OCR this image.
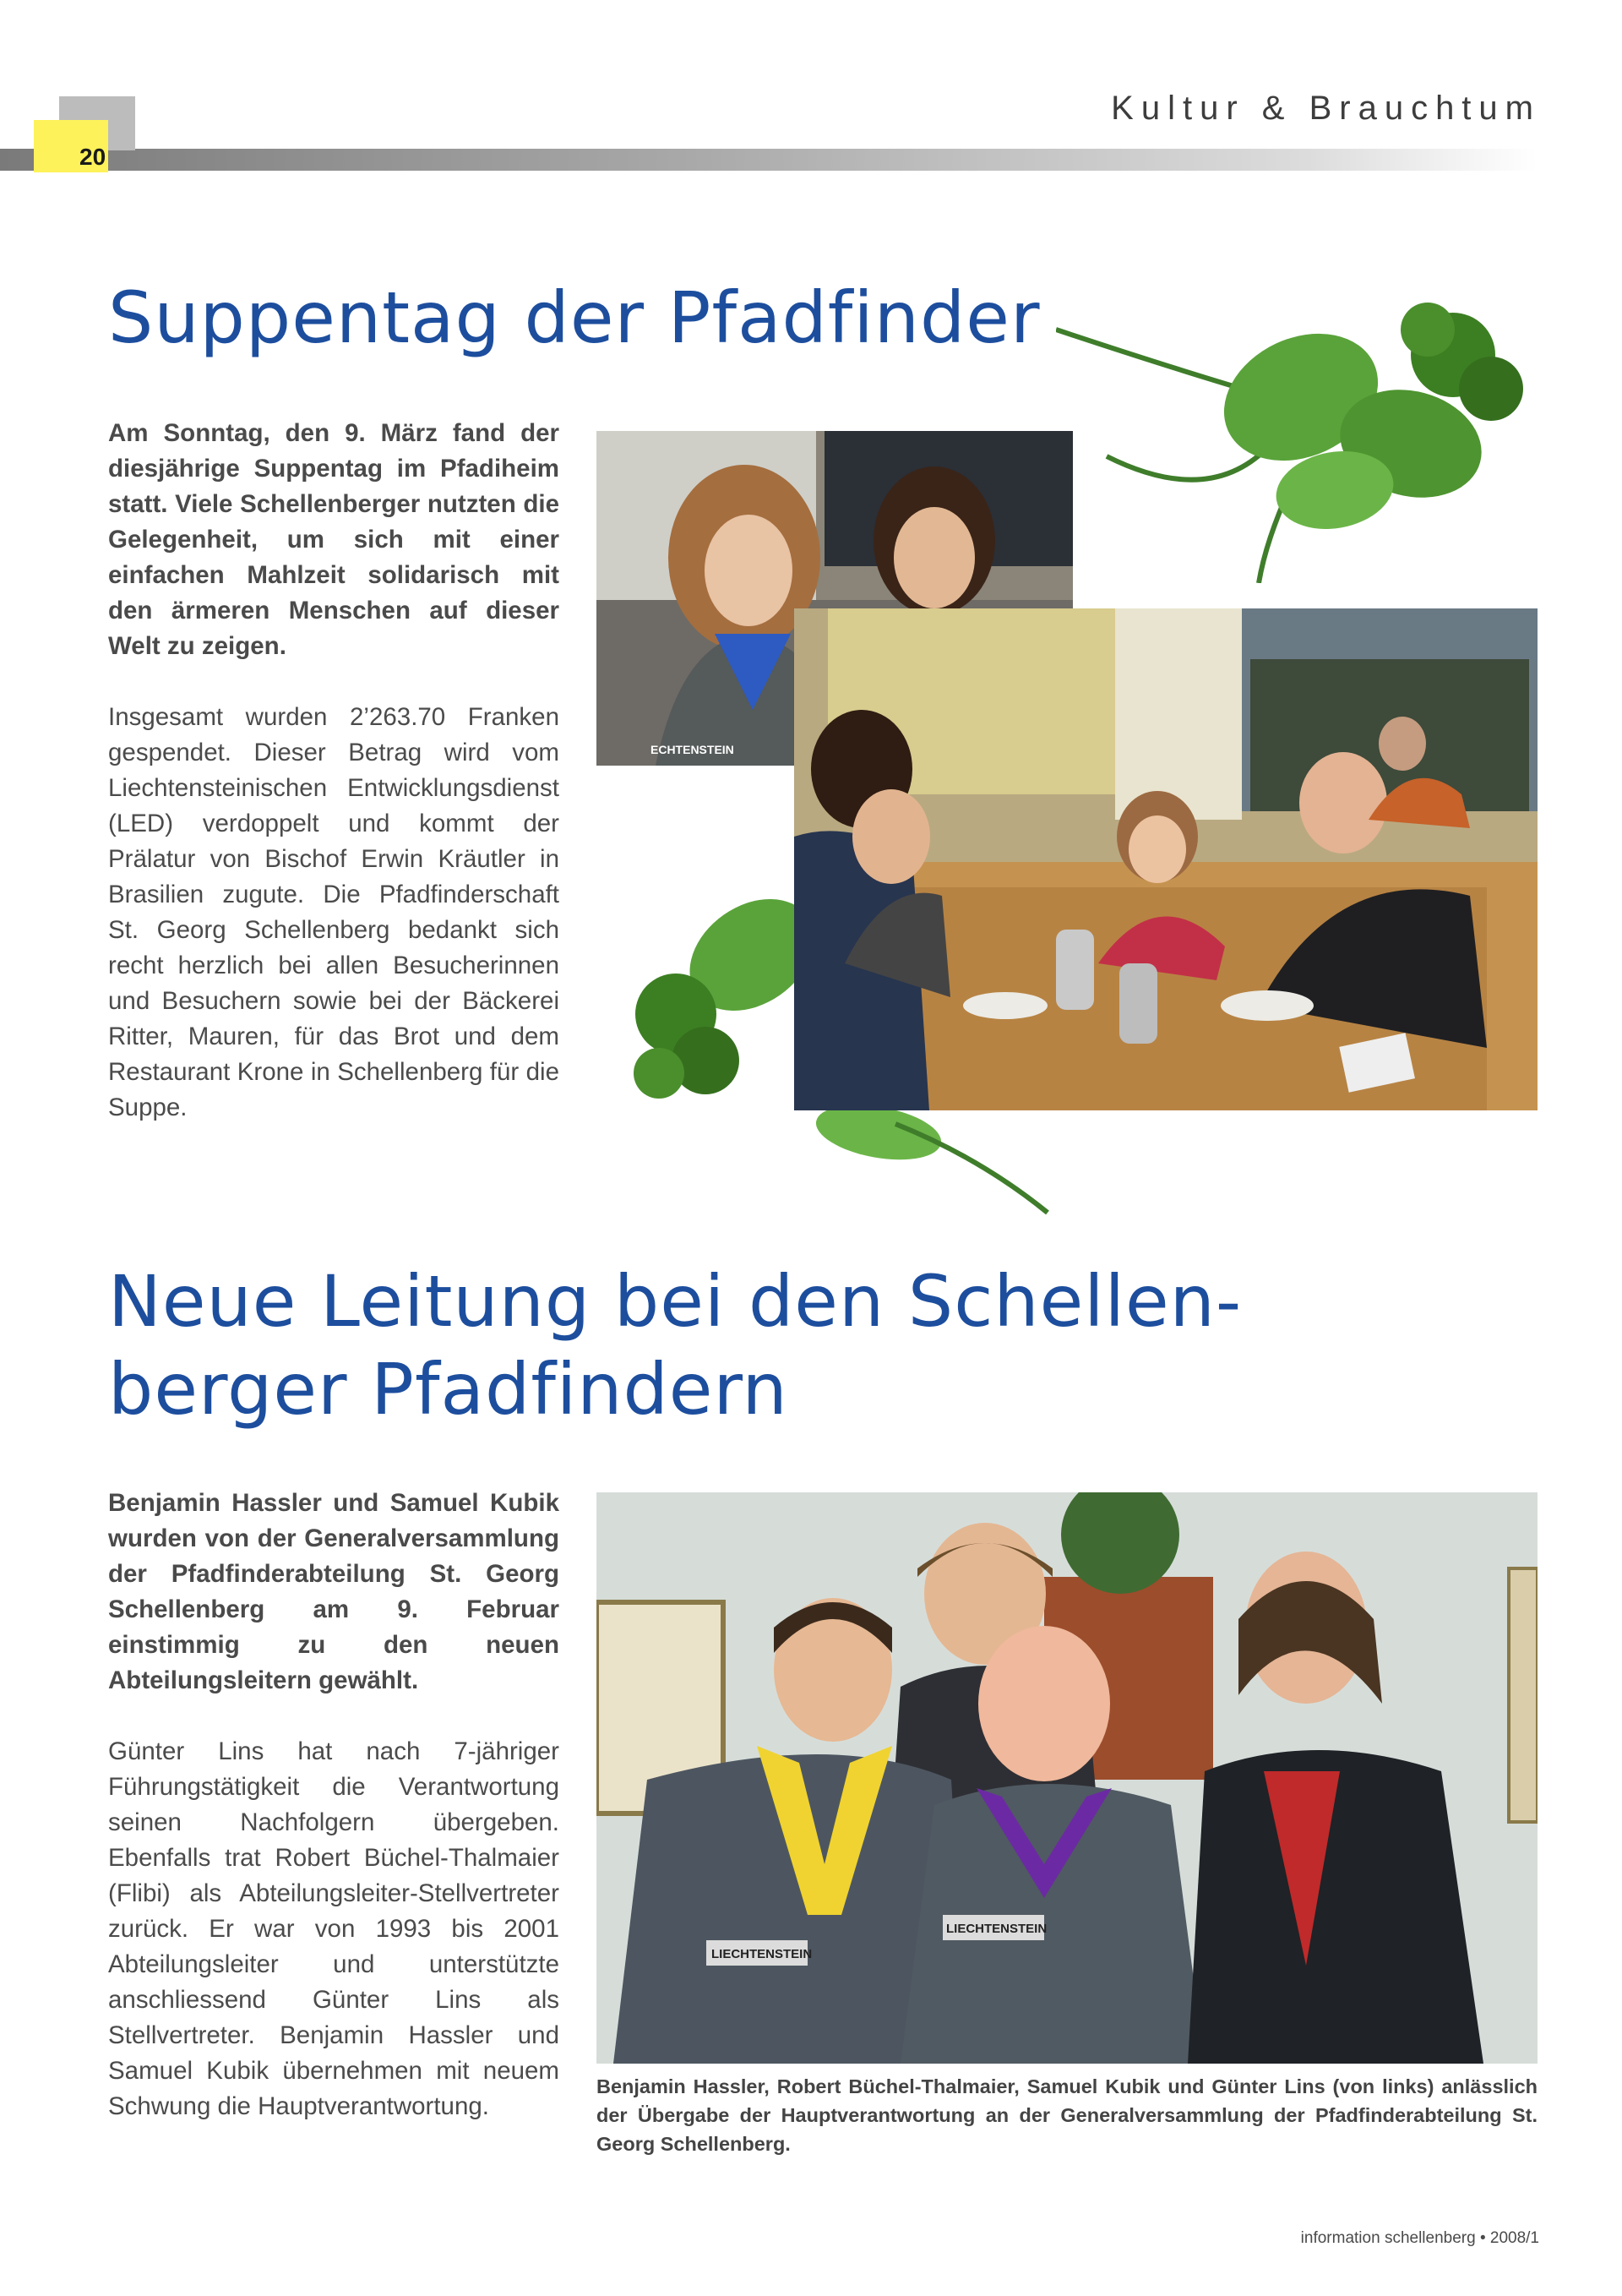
20
Kultur & Brauchtum
Suppentag der Pfadfinder
ECHTENSTEIN

Am Sonntag, den 9. März fand der diesjährige Suppentag im Pfadiheim statt. Viele Schellenberger nutzten die Gelegenheit, um sich mit einer einfachen Mahlzeit solidarisch mit den ärmeren Menschen auf dieser Welt zu zeigen.

Insgesamt wurden 2’263.70 Franken gespendet. Dieser Betrag wird vom Liechtensteinischen Entwicklungsdienst (LED) verdoppelt und kommt der Prälatur von Bischof Erwin Kräutler in Brasilien zugute. Die Pfadfinderschaft St. Georg Schellenberg bedankt sich recht herzlich bei allen Besucherinnen und Besuchern sowie bei der Bäckerei Ritter, Mauren, für das Brot und dem Restaurant Krone in Schellenberg für die Suppe.

Neue Leitung bei den Schellen-
berger Pfadfindern

Benjamin Hassler und Samuel Kubik wurden von der Generalversammlung der Pfadfinderabteilung St. Georg Schellenberg am 9. Februar einstimmig zu den neuen Abteilungsleitern gewählt.

Günter Lins hat nach 7-jähriger Führungstätigkeit die Verantwortung seinen Nachfolgern übergeben. Ebenfalls trat Robert Büchel-Thalmaier (Flibi) als Abteilungsleiter-Stellvertreter zurück. Er war von 1993 bis 2001 Abteilungsleiter und unterstützte anschliessend Günter Lins als Stellvertreter. Benjamin Hassler und Samuel Kubik übernehmen mit neuem Schwung die Hauptverantwortung.

LIECHTENSTEIN
LIECHTENSTEIN

Benjamin Hassler, Robert Büchel-Thalmaier, Samuel Kubik und Günter Lins (von links) anlässlich der Übergabe der Hauptverantwortung an der Generalversammlung der Pfadfinderabteilung St. Georg Schellenberg.

information schellenberg • 2008/1
